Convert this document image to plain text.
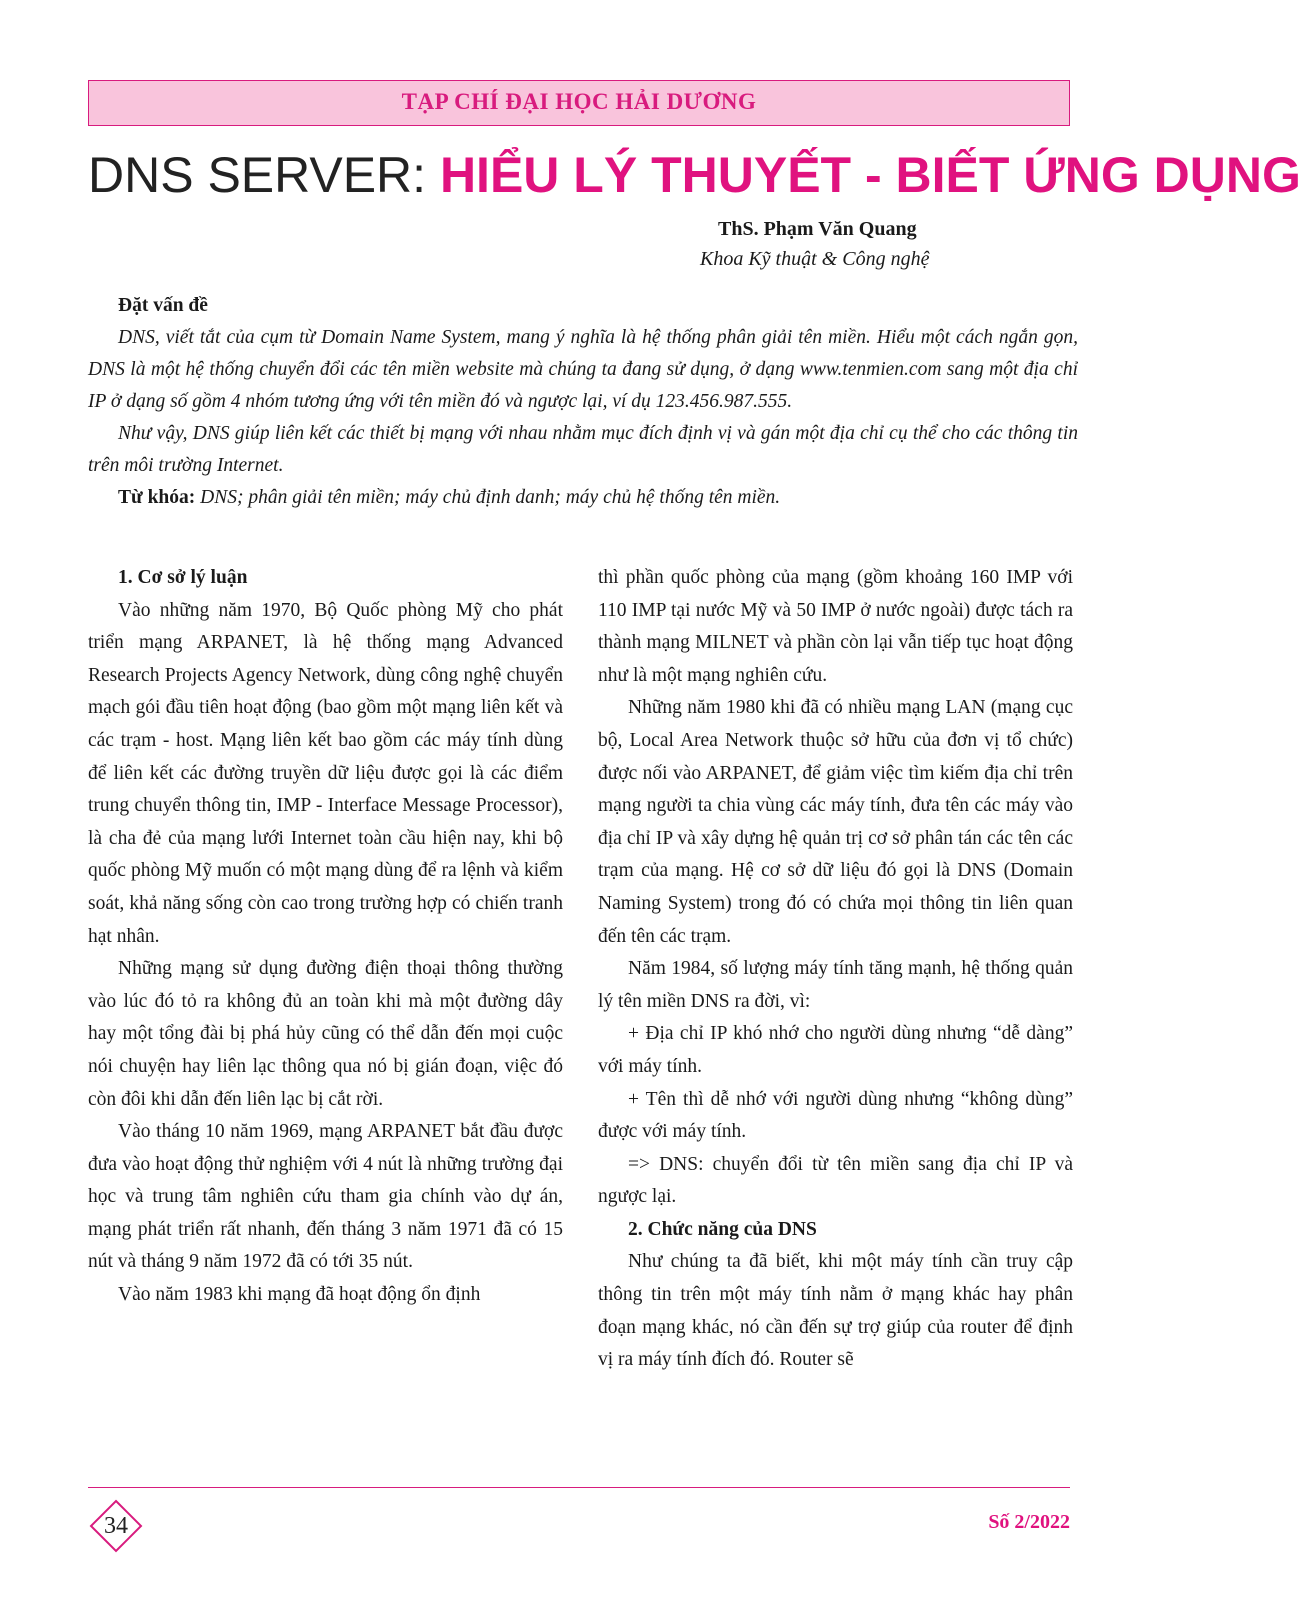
TẠP CHÍ ĐẠI HỌC HẢI DƯƠNG
DNS SERVER: HIỂU LÝ THUYẾT - BIẾT ỨNG DỤNG
ThS. Phạm Văn Quang
Khoa Kỹ thuật & Công nghệ
Đặt vấn đề

DNS, viết tắt của cụm từ Domain Name System, mang ý nghĩa là hệ thống phân giải tên miền. Hiểu một cách ngắn gọn, DNS là một hệ thống chuyển đổi các tên miền website mà chúng ta đang sử dụng, ở dạng www.tenmien.com sang một địa chỉ IP ở dạng số gồm 4 nhóm tương ứng với tên miền đó và ngược lại, ví dụ 123.456.987.555.

Như vậy, DNS giúp liên kết các thiết bị mạng với nhau nhằm mục đích định vị và gán một địa chỉ cụ thể cho các thông tin trên môi trường Internet.

Từ khóa: DNS; phân giải tên miền; máy chủ định danh; máy chủ hệ thống tên miền.
1. Cơ sở lý luận

Vào những năm 1970, Bộ Quốc phòng Mỹ cho phát triển mạng ARPANET, là hệ thống mạng Advanced Research Projects Agency Network, dùng công nghệ chuyển mạch gói đầu tiên hoạt động (bao gồm một mạng liên kết và các trạm - host. Mạng liên kết bao gồm các máy tính dùng để liên kết các đường truyền dữ liệu được gọi là các điểm trung chuyển thông tin, IMP - Interface Message Processor), là cha đẻ của mạng lưới Internet toàn cầu hiện nay, khi bộ quốc phòng Mỹ muốn có một mạng dùng để ra lệnh và kiểm soát, khả năng sống còn cao trong trường hợp có chiến tranh hạt nhân.

Những mạng sử dụng đường điện thoại thông thường vào lúc đó tỏ ra không đủ an toàn khi mà một đường dây hay một tổng đài bị phá hủy cũng có thể dẫn đến mọi cuộc nói chuyện hay liên lạc thông qua nó bị gián đoạn, việc đó còn đôi khi dẫn đến liên lạc bị cắt rời.

Vào tháng 10 năm 1969, mạng ARPANET bắt đầu được đưa vào hoạt động thử nghiệm với 4 nút là những trường đại học và trung tâm nghiên cứu tham gia chính vào dự án, mạng phát triển rất nhanh, đến tháng 3 năm 1971 đã có 15 nút và tháng 9 năm 1972 đã có tới 35 nút.

Vào năm 1983 khi mạng đã hoạt động ổn định

thì phần quốc phòng của mạng (gồm khoảng 160 IMP với 110 IMP tại nước Mỹ và 50 IMP ở nước ngoài) được tách ra thành mạng MILNET và phần còn lại vẫn tiếp tục hoạt động như là một mạng nghiên cứu.

Những năm 1980 khi đã có nhiều mạng LAN (mạng cục bộ, Local Area Network thuộc sở hữu của đơn vị tổ chức) được nối vào ARPANET, để giảm việc tìm kiếm địa chỉ trên mạng người ta chia vùng các máy tính, đưa tên các máy vào địa chỉ IP và xây dựng hệ quản trị cơ sở phân tán các tên các trạm của mạng. Hệ cơ sở dữ liệu đó gọi là DNS (Domain Naming System) trong đó có chứa mọi thông tin liên quan đến tên các trạm.

Năm 1984, số lượng máy tính tăng mạnh, hệ thống quản lý tên miền DNS ra đời, vì:

+ Địa chỉ IP khó nhớ cho người dùng nhưng “dễ dàng” với máy tính.

+ Tên thì dễ nhớ với người dùng nhưng “không dùng” được với máy tính.

=> DNS: chuyển đổi từ tên miền sang địa chỉ IP và ngược lại.

2. Chức năng của DNS

Như chúng ta đã biết, khi một máy tính cần truy cập thông tin trên một máy tính nằm ở mạng khác hay phân đoạn mạng khác, nó cần đến sự trợ giúp của router để định vị ra máy tính đích đó. Router sẽ

34	Số 2/2022
